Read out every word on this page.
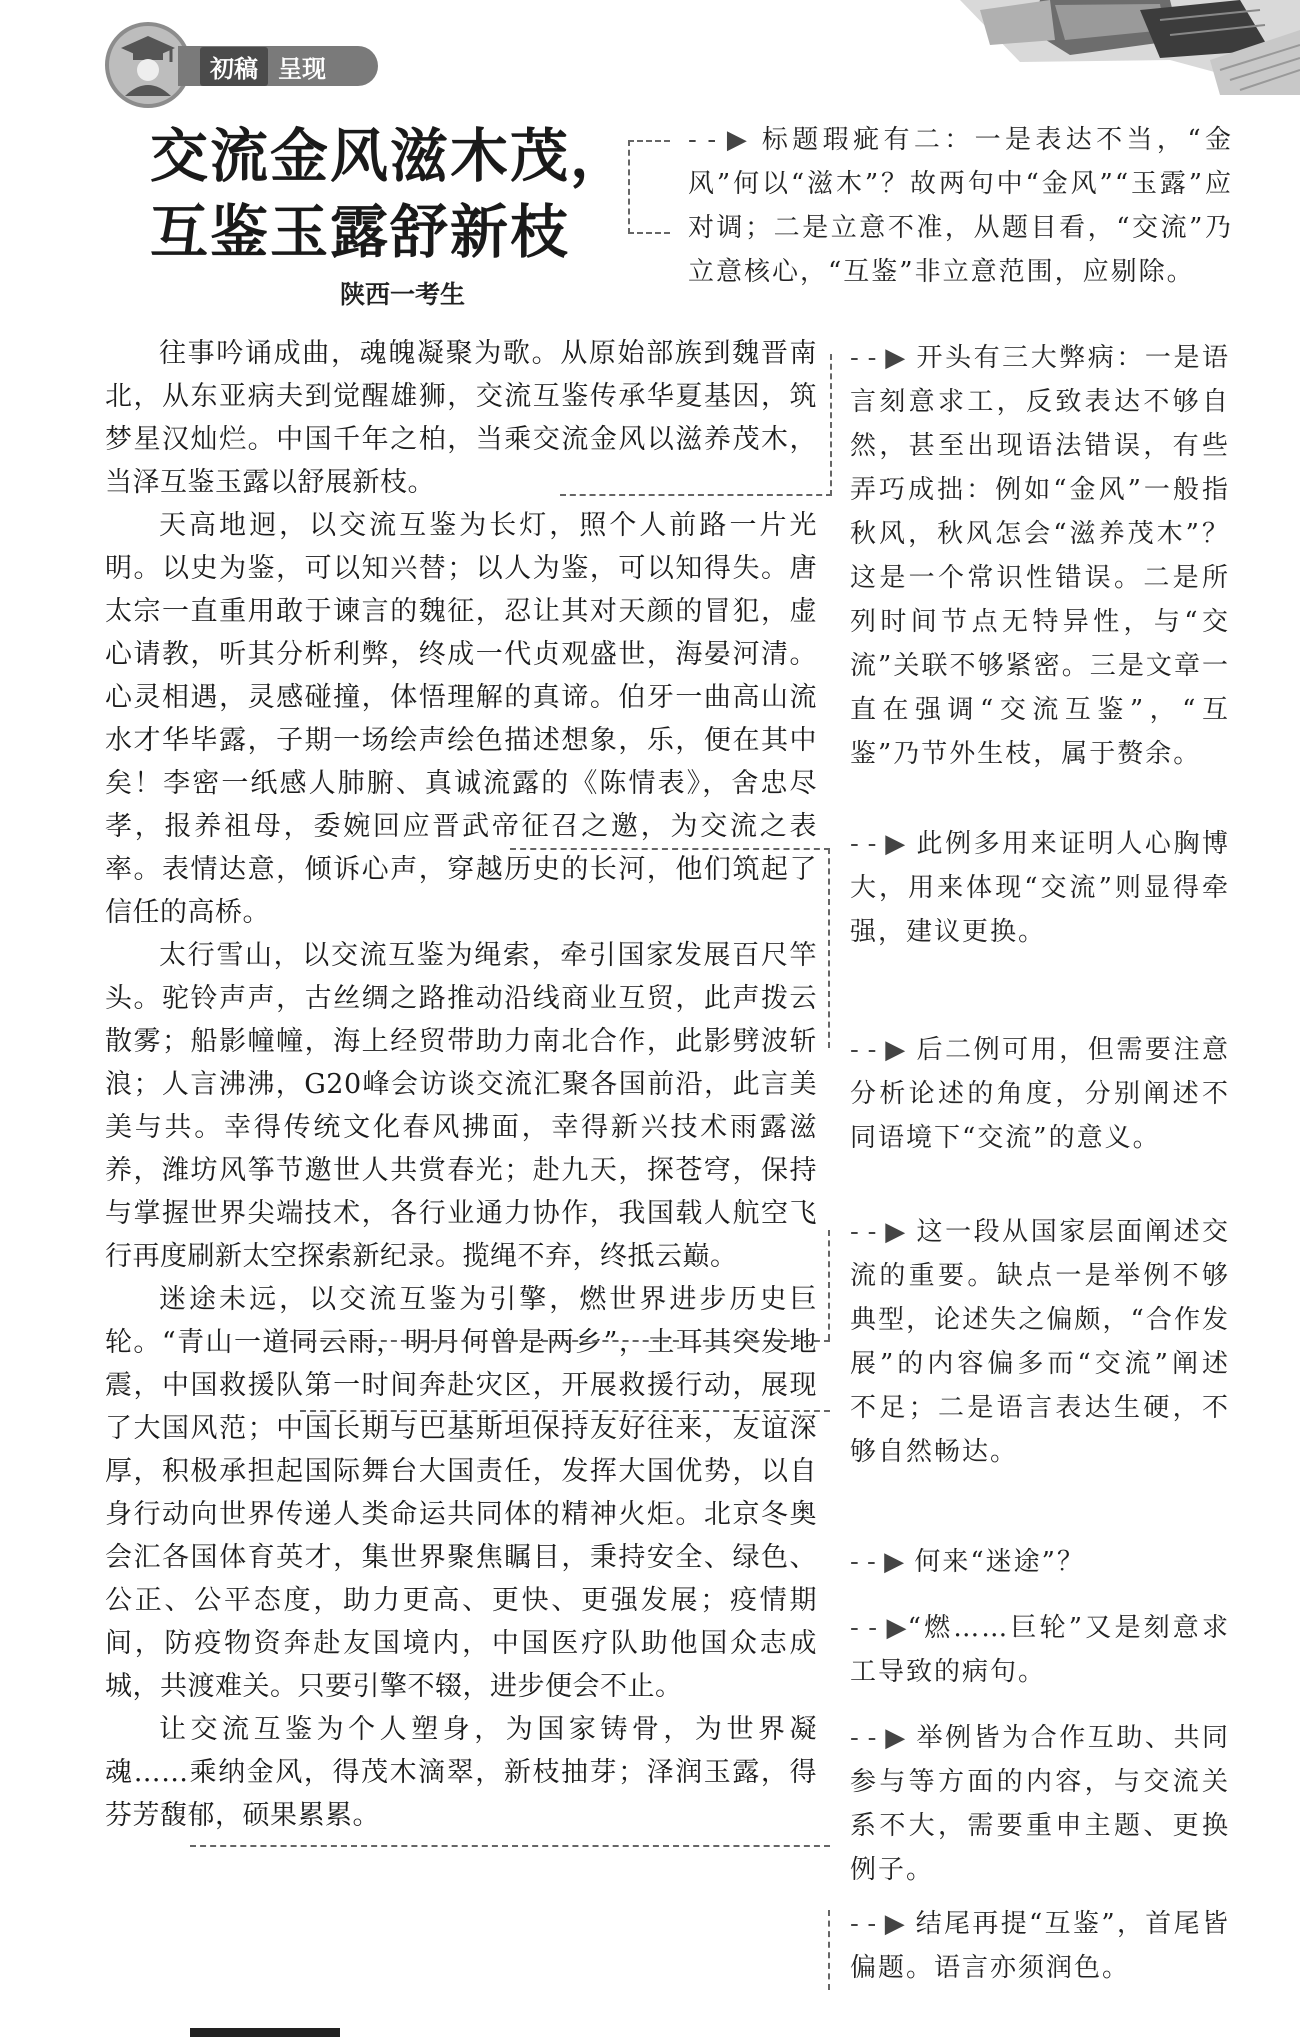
初稿 呈现
交流金风滋木茂，
互鉴玉露舒新枝
陕西一考生

往事吟诵成曲，魂魄凝聚为歌。从原始部族到魏晋南北，从东亚病夫到觉醒雄狮，交流互鉴传承华夏基因，筑梦星汉灿烂。中国千年之柏，当乘交流金风以滋养茂木，当泽互鉴玉露以舒展新枝。

天高地迥，以交流互鉴为长灯，照个人前路一片光明。以史为鉴，可以知兴替；以人为鉴，可以知得失。唐太宗一直重用敢于谏言的魏征，忍让其对天颜的冒犯，虚心请教，听其分析利弊，终成一代贞观盛世，海晏河清。心灵相遇，灵感碰撞，体悟理解的真谛。伯牙一曲高山流水才华毕露，子期一场绘声绘色描述想象，乐，便在其中矣！李密一纸感人肺腑、真诚流露的《陈情表》，舍忠尽孝，报养祖母，委婉回应晋武帝征召之邀，为交流之表率。表情达意，倾诉心声，穿越历史的长河，他们筑起了信任的高桥。

太行雪山，以交流互鉴为绳索，牵引国家发展百尺竿头。驼铃声声，古丝绸之路推动沿线商业互贸，此声拨云散雾；船影幢幢，海上经贸带助力南北合作，此影劈波斩浪；人言沸沸，G20峰会访谈交流汇聚各国前沿，此言美美与共。幸得传统文化春风拂面，幸得新兴技术雨露滋养，潍坊风筝节邀世人共赏春光；赴九天，探苍穹，保持与掌握世界尖端技术，各行业通力协作，我国载人航空飞行再度刷新太空探索新纪录。揽绳不弃，终抵云巅。

迷途未远，以交流互鉴为引擎，燃世界进步历史巨轮。“青山一道同云雨，明月何曾是两乡”，土耳其突发地震，中国救援队第一时间奔赴灾区，开展救援行动，展现了大国风范；中国长期与巴基斯坦保持友好往来，友谊深厚，积极承担起国际舞台大国责任，发挥大国优势，以自身行动向世界传递人类命运共同体的精神火炬。北京冬奥会汇各国体育英才，集世界聚焦瞩目，秉持安全、绿色、公正、公平态度，助力更高、更快、更强发展；疫情期间，防疫物资奔赴友国境内，中国医疗队助他国众志成城，共渡难关。只要引擎不辍，进步便会不止。

让交流互鉴为个人塑身，为国家铸骨，为世界凝魂……乘纳金风，得茂木滴翠，新枝抽芽；泽润玉露，得芬芳馥郁，硕果累累。

- - ▶ 标题瑕疵有二：一是表达不当，“金风”何以“滋木”？故两句中“金风”“玉露”应对调；二是立意不准，从题目看，“交流”乃立意核心，“互鉴”非立意范围，应剔除。
- - ▶ 开头有三大弊病：一是语言刻意求工，反致表达不够自然，甚至出现语法错误，有些弄巧成拙：例如“金风”一般指秋风，秋风怎会“滋养茂木”？这是一个常识性错误。二是所列时间节点无特异性，与“交流”关联不够紧密。三是文章一直在强调“交流互鉴”，“互鉴”乃节外生枝，属于赘余。
- - ▶ 此例多用来证明人心胸博大，用来体现“交流”则显得牵强，建议更换。
- - ▶ 后二例可用，但需要注意分析论述的角度，分别阐述不同语境下“交流”的意义。
- - ▶ 这一段从国家层面阐述交流的重要。缺点一是举例不够典型，论述失之偏颇，“合作发展”的内容偏多而“交流”阐述不足；二是语言表达生硬，不够自然畅达。
- - ▶ 何来“迷途”？
- - ▶“燃……巨轮”又是刻意求工导致的病句。
- - ▶ 举例皆为合作互助、共同参与等方面的内容，与交流关系不大，需要重申主题、更换例子。
- - ▶ 结尾再提“互鉴”，首尾皆偏题。语言亦须润色。
